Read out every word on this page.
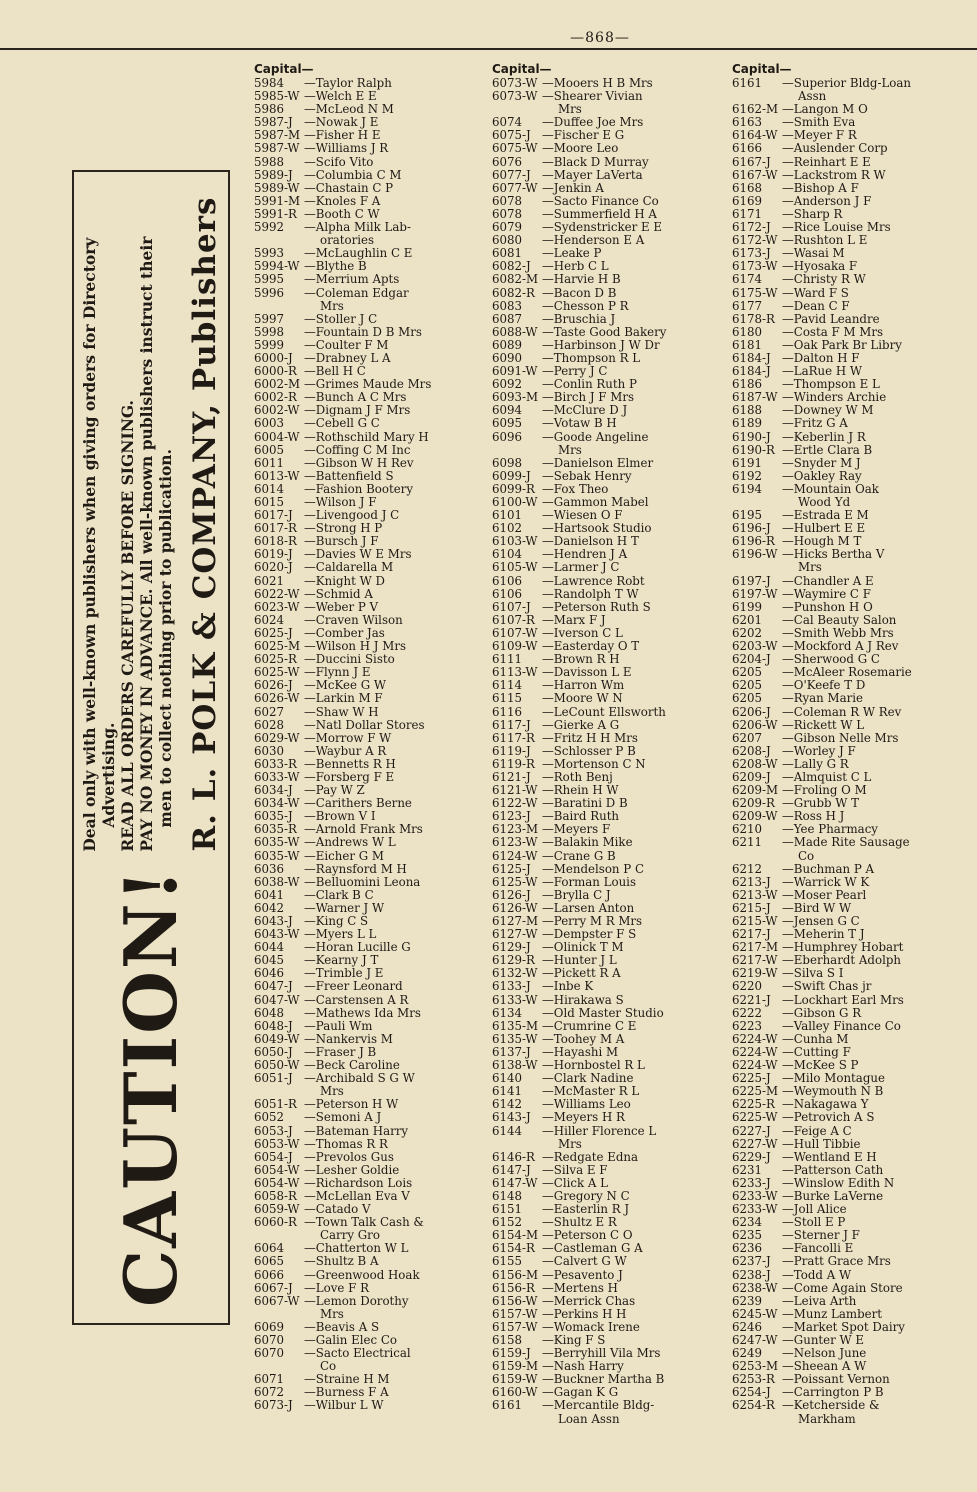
—868—
CAUTION!
Deal only with well-known publishers when giving orders for Directory Advertising. READ ALL ORDERS CAREFULLY BEFORE SIGNING. PAY NO MONEY IN ADVANCE. All well-known publishers instruct their men to collect nothing prior to publication. R. L. POLK & COMPANY, Publishers
Capital—
5984	—Taylor Ralph
5985-W —Welch E E
5986	—McLeod N M
5987-J —Nowak J E
5987-M —Fisher H E
5987-W —Williams J R
5988	—Scifo Vito
5989-J —Columbia C M
5989-W —Chastain C P
5991-M —Knoles F A
5991-R —Booth C W
5992	—Alpha Milk Lab-
oratories
5993	—McLaughlin C E
5994-W —Blythe B
5995	—Merrium Apts
5996	—Coleman Edgar
Mrs
5997	—Stoller J C
5998	—Fountain D B Mrs
5999	—Coulter F M
6000-J —Drabney L A
6000-R —Bell H C
6002-M —Grimes Maude Mrs
6002-R —Bunch A C Mrs
6002-W —Dignam J F Mrs
6003	—Cebell G C
6004-W —Rothschild Mary H
6005	—Coffing C M Inc
6011	—Gibson W H Rev
6013-W —Battenfield S
6014	—Fashion Bootery
6015	—Wilson J F
6017-J —Livengood J C
6017-R —Strong H P
6018-R —Bursch J F
6019-J —Davies W E Mrs
6020-J —Caldarella M
6021	—Knight W D
6022-W —Schmid A
6023-W —Weber P V
6024	—Craven Wilson
6025-J —Comber Jas
6025-M —Wilson H J Mrs
6025-R —Duccini Sisto
6025-W —Flynn J E
6026-J —McKee G W
6026-W —Larkin M F
6027	—Shaw W H
6028	—Natl Dollar Stores
6029-W —Morrow F W
6030	—Waybur A R
6033-R —Bennetts R H
6033-W —Forsberg F E
6034-J —Pay W Z
6034-W —Carithers Berne
6035-J —Brown V I
6035-R —Arnold Frank Mrs
6035-W —Andrews W L
6035-W —Eicher G M
6036	—Raynsford M H
6038-W —Belluomini Leona
6041	—Clark B C
6042	—Warner J W
6043-J —King C S
6043-W —Myers L L
6044	—Horan Lucille G
6045	—Kearny J T
6046	—Trimble J E
6047-J —Freer Leonard
6047-W —Carstensen A R
6048	—Mathews Ida Mrs
6048-J —Pauli Wm
6049-W —Nankervis M
6050-J —Fraser J B
6050-W —Beck Caroline
6051-J —Archibald S G W
Mrs
6051-R —Peterson H W
6052	—Semoni A J
6053-J —Bateman Harry
6053-W —Thomas R R
6054-J —Prevolos Gus
6054-W —Lesher Goldie
6054-W —Richardson Lois
6058-R —McLellan Eva V
6059-W —Catado V
6060-R —Town Talk Cash &
Carry Gro
6064	—Chatterton W L
6065	—Shultz B A
6066	—Greenwood Hoak
6067-J —Love F R
6067-W —Lemon Dorothy
Mrs
6069	—Beavis A S
6070	—Galin Elec Co
6070	—Sacto Electrical
Co
6071	—Straine H M
6072	—Burness F A
6073-J —Wilbur L W
Capital—
6073-W —Mooers H B Mrs
6073-W —Shearer Vivian
Mrs
6074	—Duffee Joe Mrs
6075-J —Fischer E G
6075-W —Moore Leo
6076	—Black D Murray
6077-J —Mayer LaVerta
6077-W —Jenkin A
6078	—Sacto Finance Co
6078	—Summerfield H A
6079	—Sydenstricker E E
6080	—Henderson E A
6081	—Leake P
6082-J —Herb C L
6082-M —Harvie H B
6082-R —Bacon D B
6083	—Chesson P R
6087	—Bruschia J
6088-W —Taste Good Bakery
6089	—Harbinson J W Dr
6090	—Thompson R L
6091-W —Perry J C
6092	—Conlin Ruth P
6093-M —Birch J F Mrs
6094	—McClure D J
6095	—Votaw B H
6096	—Goode Angeline
Mrs
6098	—Danielson Elmer
6099-J —Sebak Henry
6099-R —Fox Theo
6100-W —Gammon Mabel
6101	—Wiesen O F
6102	—Hartsook Studio
6103-W —Danielson H T
6104	—Hendren J A
6105-W —Larmer J C
6106	—Lawrence Robt
6106	—Randolph T W
6107-J —Peterson Ruth S
6107-R —Marx F J
6107-W —Iverson C L
6109-W —Easterday O T
6111	—Brown R H
6113-W —Davisson L E
6114	—Harron Wm
6115	—Moore W N
6116	—LeCount Ellsworth
6117-J —Gierke A G
6117-R —Fritz H H Mrs
6119-J —Schlosser P B
6119-R —Mortenson C N
6121-J —Roth Benj
6121-W —Rhein H W
6122-W —Baratini D B
6123-J —Baird Ruth
6123-M —Meyers F
6123-W —Balakin Mike
6124-W —Crane G B
6125-J —Mendelson P C
6125-W —Forman Louis
6126-J —Brylla C J
6126-W —Larsen Anton
6127-M —Perry M R Mrs
6127-W —Dempster F S
6129-J —Olinick T M
6129-R —Hunter J L
6132-W —Pickett R A
6133-J —Inbe K
6133-W —Hirakawa S
6134	—Old Master Studio
6135-M —Crumrine C E
6135-W —Toohey M A
6137-J —Hayashi M
6138-W —Hornbostel R L
6140	—Clark Nadine
6141	—McMaster R L
6142	—Williams Leo
6143-J —Meyers H R
6144	—Hiller Florence L
Mrs
6146-R —Redgate Edna
6147-J —Silva E F
6147-W —Click A L
6148	—Gregory N C
6151	—Easterlin R J
6152	—Shultz E R
6154-M —Peterson C O
6154-R —Castleman G A
6155	—Calvert G W
6156-M —Pesavento J
6156-R —Mertens H
6156-W —Merrick Chas
6157-W —Perkins H H
6157-W —Womack Irene
6158	—King F S
6159-J —Berryhill Vila Mrs
6159-M —Nash Harry
6159-W —Buckner Martha B
6160-W —Gagan K G
6161	—Mercantile Bldg-
Loan Assn
Capital—
6161	—Superior Bldg-Loan
Assn
6162-M —Langon M O
6163	—Smith Eva
6164-W —Meyer F R
6166	—Auslender Corp
6167-J —Reinhart E E
6167-W —Lackstrom R W
6168	—Bishop A F
6169	—Anderson J F
6171	—Sharp R
6172-J —Rice Louise Mrs
6172-W —Rushton L E
6173-J —Wasai M
6173-W —Hyosaka F
6174	—Christy R W
6175-W —Ward F S
6177	—Dean C F
6178-R —Pavid Leandre
6180	—Costa F M Mrs
6181	—Oak Park Br Libry
6184-J —Dalton H F
6184-J —LaRue H W
6186	—Thompson E L
6187-W —Winders Archie
6188	—Downey W M
6189	—Fritz G A
6190-J —Keberlin J R
6190-R —Ertle Clara B
6191	—Snyder M J
6192	—Oakley Ray
6194	—Mountain Oak
Wood Yd
6195	—Estrada E M
6196-J —Hulbert E E
6196-R —Hough M T
6196-W —Hicks Bertha V
Mrs
6197-J —Chandler A E
6197-W —Waymire C F
6199	—Punshon H O
6201	—Cal Beauty Salon
6202	—Smith Webb Mrs
6203-W —Mockford A J Rev
6204-J —Sherwood G C
6205	—McAleer Rosemarie
6205	—O'Keefe T D
6205	—Ryan Marie
6206-J —Coleman R W Rev
6206-W —Rickett W L
6207	—Gibson Nelle Mrs
6208-J —Worley J F
6208-W —Lally G R
6209-J —Almquist C L
6209-M —Froling O M
6209-R —Grubb W T
6209-W —Ross H J
6210	—Yee Pharmacy
6211	—Made Rite Sausage
Co
6212	—Buchman P A
6213-J —Warrick W K
6213-W —Moser Pearl
6215-J —Bird W W
6215-W —Jensen G C
6217-J —Meherin T J
6217-M —Humphrey Hobart
6217-W —Eberhardt Adolph
6219-W —Silva S I
6220	—Swift Chas jr
6221-J —Lockhart Earl Mrs
6222	—Gibson G R
6223	—Valley Finance Co
6224-W —Cunha M
6224-W —Cutting F
6224-W —McKee S P
6225-J —Milo Montague
6225-M —Weymouth N B
6225-R —Nakagawa Y
6225-W —Petrovich A S
6227-J —Feige A C
6227-W —Hull Tibbie
6229-J —Wentland E H
6231	—Patterson Cath
6233-J —Winslow Edith N
6233-W —Burke LaVerne
6233-W —Joll Alice
6234	—Stoll E P
6235	—Sterner J F
6236	—Fancolli E
6237-J —Pratt Grace Mrs
6238-J —Todd A W
6238-W —Come Again Store
6239	—Leiva Arth
6245-W —Munz Lambert
6246	—Market Spot Dairy
6247-W —Gunter W E
6249	—Nelson June
6253-M —Sheean A W
6253-R —Poissant Vernon
6254-J —Carrington P B
6254-R —Ketcherside &
Markham
